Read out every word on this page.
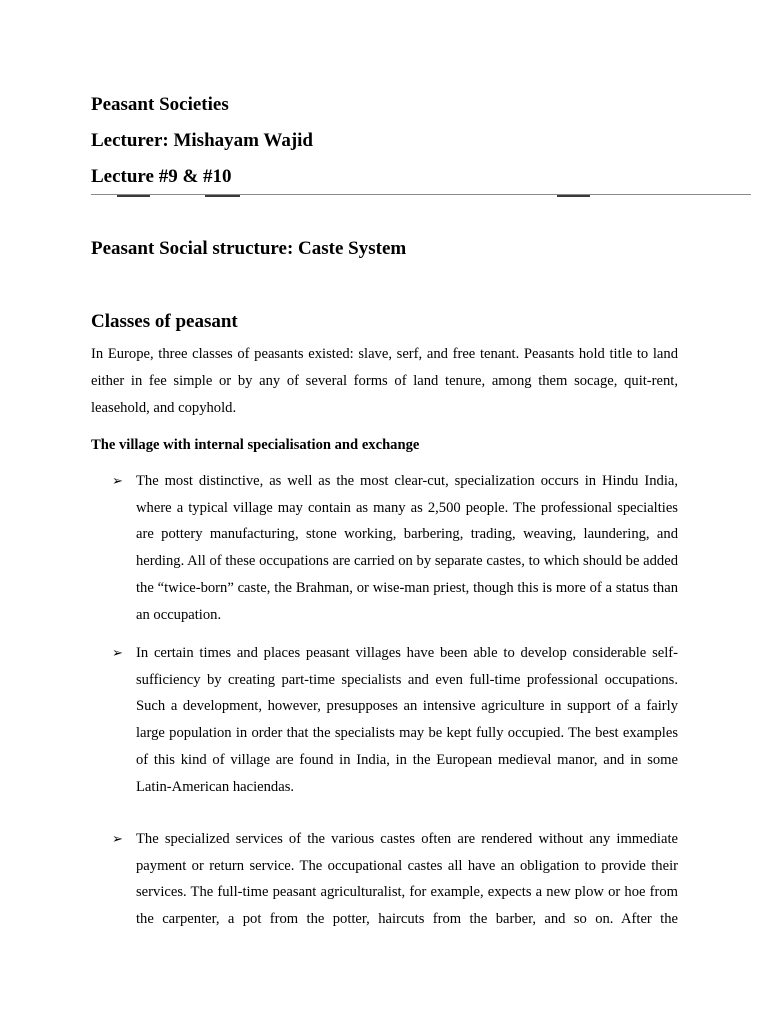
Peasant Societies
Lecturer: Mishayam Wajid
Lecture #9 & #10
Peasant Social structure: Caste System
Classes of peasant

In Europe, three classes of peasants existed: slave, serf, and free tenant. Peasants hold title to land either in fee simple or by any of several forms of land tenure, among them socage, quit-rent, leasehold, and copyhold.

The village with internal specialisation and exchange

➢ The most distinctive, as well as the most clear-cut, specialization occurs in Hindu India, where a typical village may contain as many as 2,500 people. The professional specialties are pottery manufacturing, stone working, barbering, trading, weaving, laundering, and herding. All of these occupations are carried on by separate castes, to which should be added the “twice-born” caste, the Brahman, or wise-man priest, though this is more of a status than an occupation.

➢ In certain times and places peasant villages have been able to develop considerable self-sufficiency by creating part-time specialists and even full-time professional occupations. Such a development, however, presupposes an intensive agriculture in support of a fairly large population in order that the specialists may be kept fully occupied. The best examples of this kind of village are found in India, in the European medieval manor, and in some Latin-American haciendas.

➢ The specialized services of the various castes often are rendered without any immediate payment or return service. The occupational castes all have an obligation to provide their services. The full-time peasant agriculturalist, for example, expects a new plow or hoe from the carpenter, a pot from the potter, haircuts from the barber, and so on. After the
